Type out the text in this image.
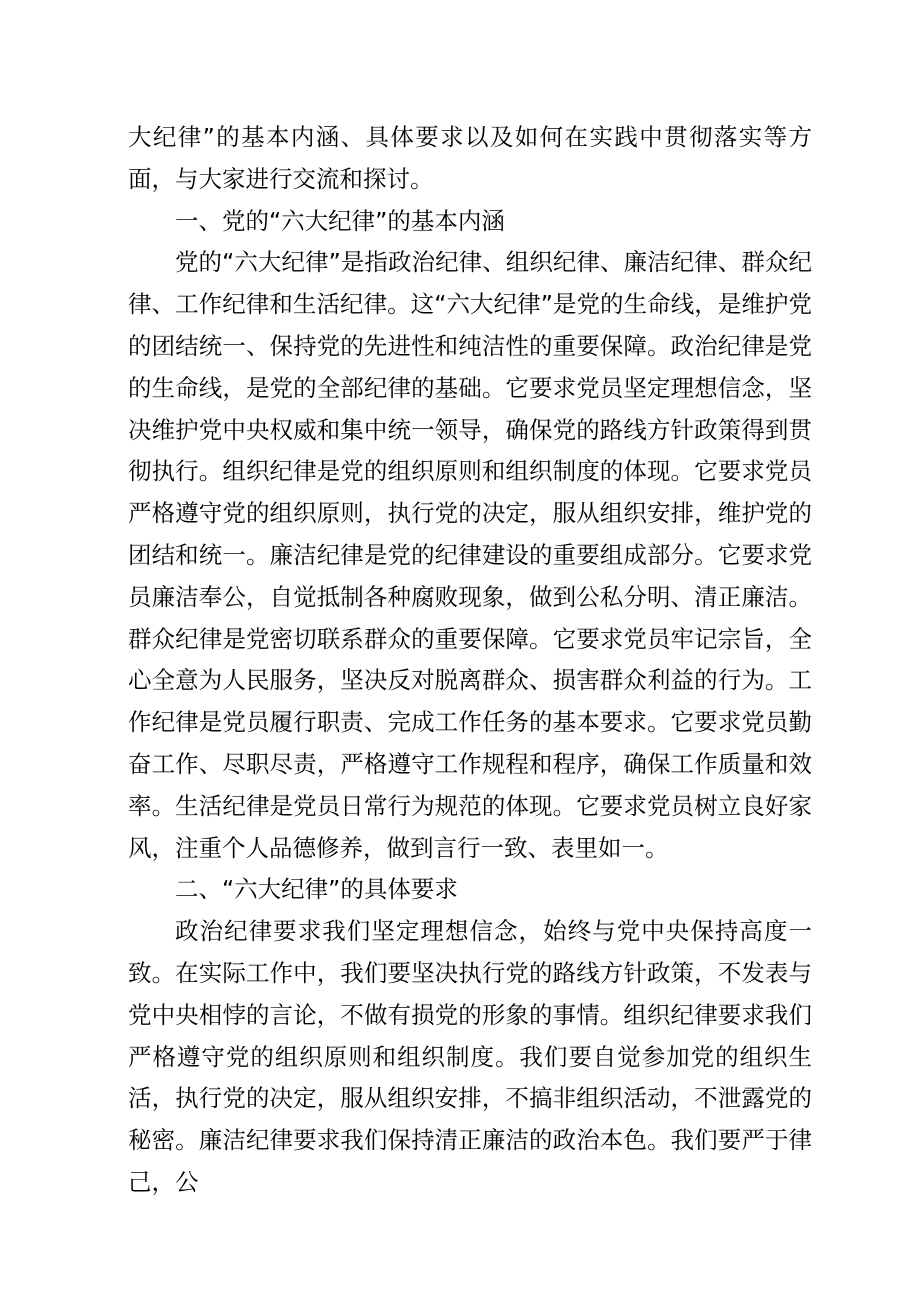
大纪律”的基本内涵、具体要求以及如何在实践中贯彻落实等方面，与大家进行交流和探讨。

一、党的“六大纪律”的基本内涵

党的“六大纪律”是指政治纪律、组织纪律、廉洁纪律、群众纪律、工作纪律和生活纪律。这“六大纪律”是党的生命线，是维护党的团结统一、保持党的先进性和纯洁性的重要保障。政治纪律是党的生命线，是党的全部纪律的基础。它要求党员坚定理想信念，坚决维护党中央权威和集中统一领导，确保党的路线方针政策得到贯彻执行。组织纪律是党的组织原则和组织制度的体现。它要求党员严格遵守党的组织原则，执行党的决定，服从组织安排，维护党的团结和统一。廉洁纪律是党的纪律建设的重要组成部分。它要求党员廉洁奉公，自觉抵制各种腐败现象，做到公私分明、清正廉洁。群众纪律是党密切联系群众的重要保障。它要求党员牢记宗旨，全心全意为人民服务，坚决反对脱离群众、损害群众利益的行为。工作纪律是党员履行职责、完成工作任务的基本要求。它要求党员勤奋工作、尽职尽责，严格遵守工作规程和程序，确保工作质量和效率。生活纪律是党员日常行为规范的体现。它要求党员树立良好家风，注重个人品德修养，做到言行一致、表里如一。

二、“六大纪律”的具体要求

政治纪律要求我们坚定理想信念，始终与党中央保持高度一致。在实际工作中，我们要坚决执行党的路线方针政策，不发表与党中央相悖的言论，不做有损党的形象的事情。组织纪律要求我们严格遵守党的组织原则和组织制度。我们要自觉参加党的组织生活，执行党的决定，服从组织安排，不搞非组织活动，不泄露党的秘密。廉洁纪律要求我们保持清正廉洁的政治本色。我们要严于律己，公
